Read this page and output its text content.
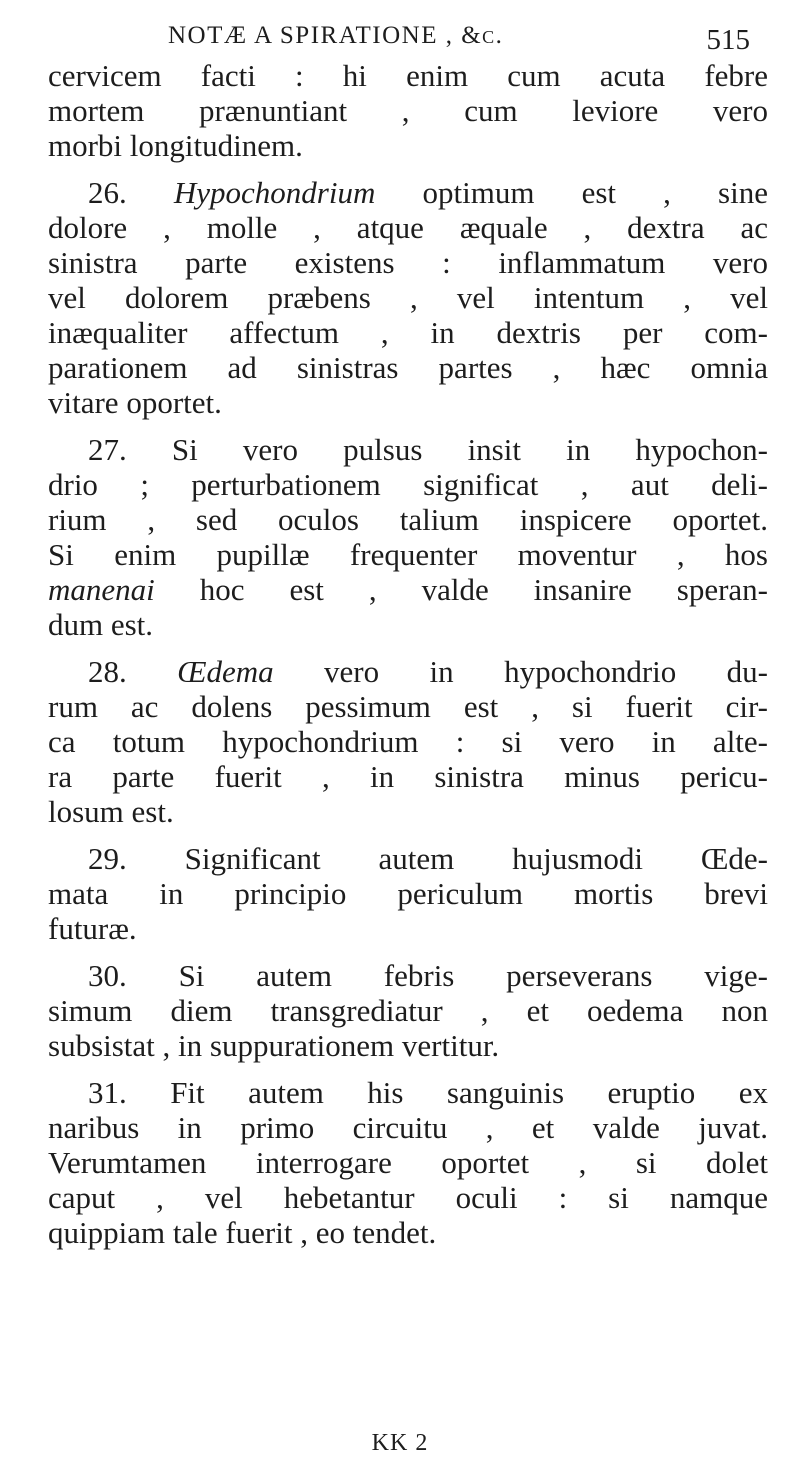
NOTÆ A SPIRATIONE , &c.	515
cervicem facti : hi enim cum acuta febre
mortem prænuntiant , cum leviore vero
morbi longitudinem.
26. Hypochondrium optimum est , sine
dolore , molle , atque æquale , dextra ac
sinistra parte existens : inflammatum vero
vel dolorem præbens , vel intentum , vel
inæqualiter affectum , in dextris per com-
parationem ad sinistras partes , hæc omnia
vitare oportet.
27. Si vero pulsus insit in hypochon-
drio ; perturbationem significat , aut deli-
rium , sed oculos talium inspicere oportet.
Si enim pupillæ frequenter moventur , hos
manenai hoc est , valde insanire speran-
dum est.
28. Œdema vero in hypochondrio du-
rum ac dolens pessimum est , si fuerit cir-
ca totum hypochondrium : si vero in alte-
ra parte fuerit , in sinistra minus pericu-
losum est.
29. Significant autem hujusmodi Œde-
mata in principio periculum mortis brevi
futuræ.
30. Si autem febris perseverans vige-
simum diem transgrediatur , et oedema non
subsistat , in suppurationem vertitur.
31. Fit autem his sanguinis eruptio ex
naribus in primo circuitu , et valde juvat.
Verumtamen interrogare oportet , si dolet
caput , vel hebetantur oculi : si namque
quippiam tale fuerit , eo tendet.
KK 2
